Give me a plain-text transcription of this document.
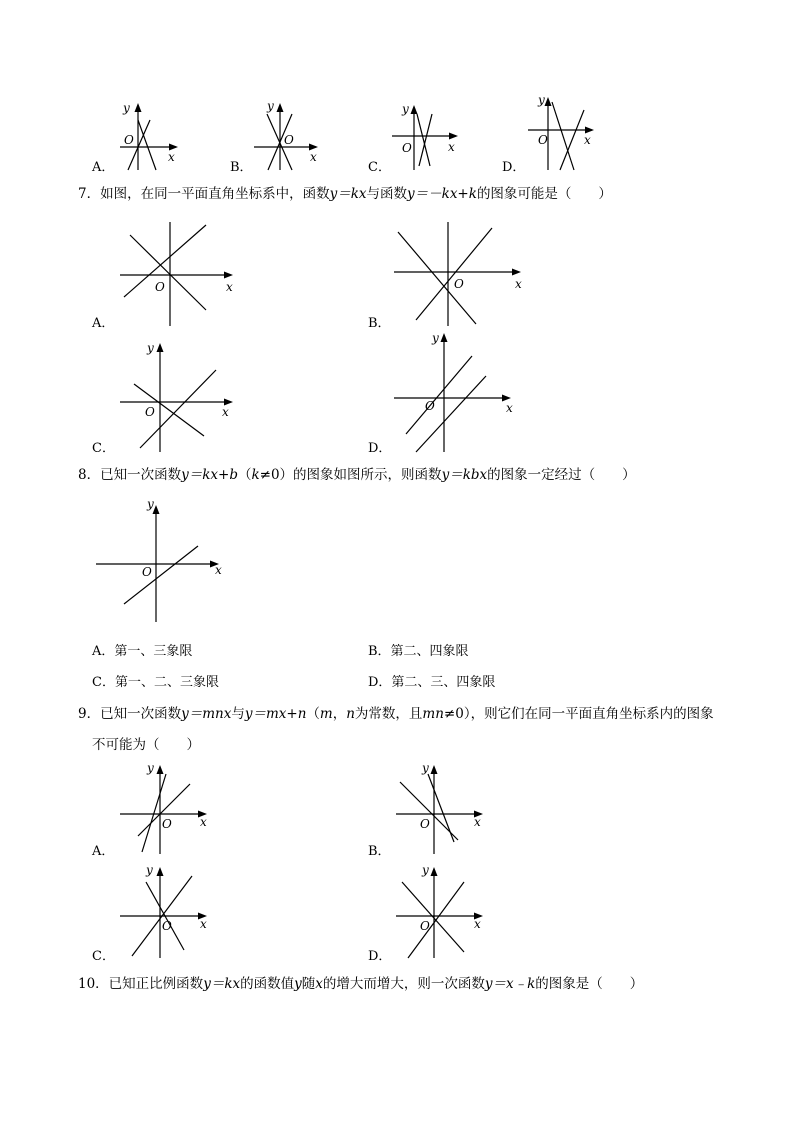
A．	B．	C．	D．
y
O
x
y
O
x
y
O	x
y
O	x
7．如图，在同一平面直角坐标系中，函数y＝kx与函数y＝－kx+k的图象可能是（　　）
A．
O	x
B．
O	x
C．
y
O	x
D．
y
O	x
8．已知一次函数y＝kx+b（k≠0）的图象如图所示，则函数y＝kbx的图象一定经过（　　）
y
O	x
A．第一、三象限	B．第二、四象限
C．第一、二、三象限	D．第二、三、四象限
9．已知一次函数y＝mnx与y＝mx+n（m，n为常数，且mn≠0），则它们在同一平面直角坐标系内的图象
不可能为（　　）
A．
y
O x
B．
y
O	x
C．
y
O x
D．
y
O	x
10．已知正比例函数y＝kx的函数值y随x的增大而增大，则一次函数y＝x﹣k的图象是（　　）
